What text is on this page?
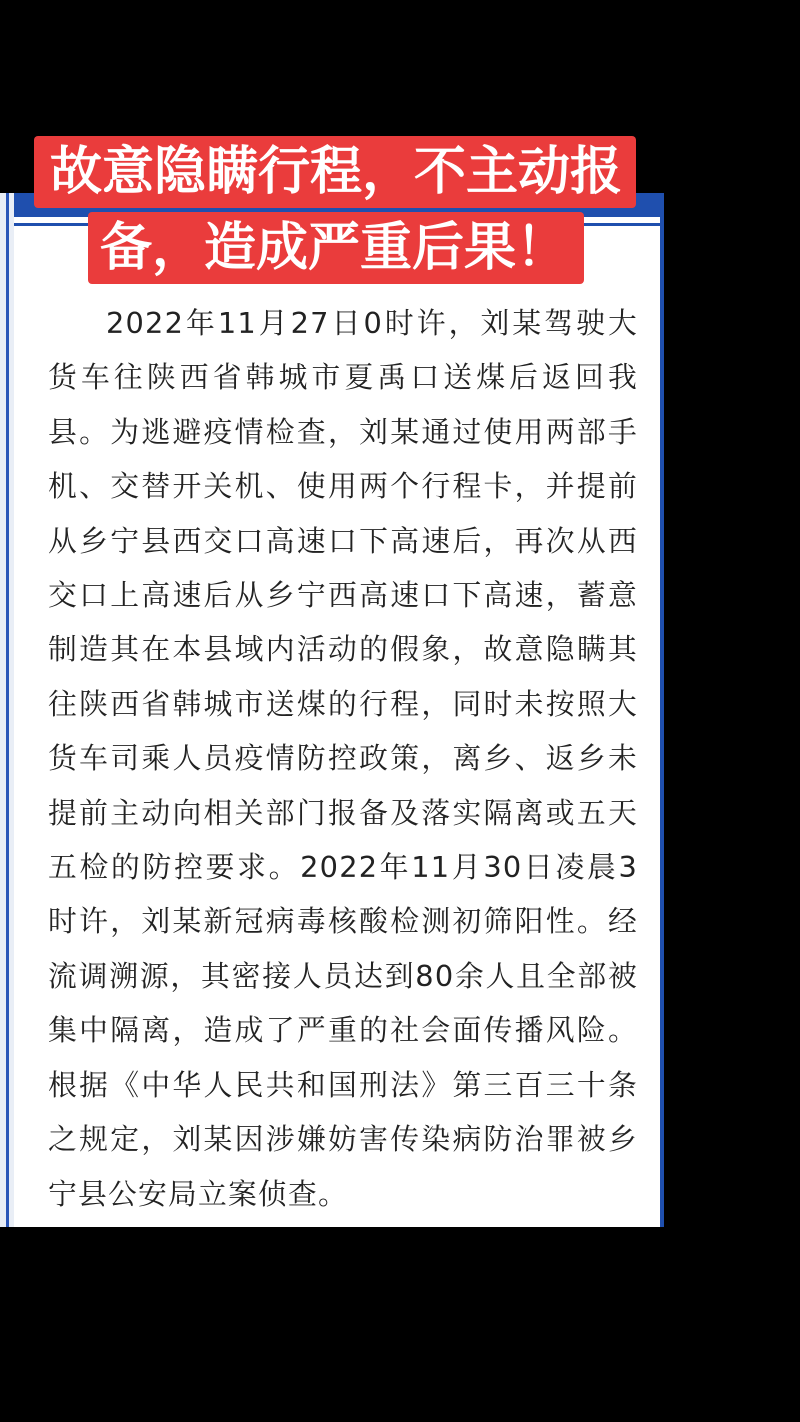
故意隐瞒行程，不主动报
备，造成严重后果！

2022年11月27日0时许，刘某驾驶大货车往陕西省韩城市夏禹口送煤后返回我县。为逃避疫情检查，刘某通过使用两部手机、交替开关机、使用两个行程卡，并提前从乡宁县西交口高速口下高速后，再次从西交口上高速后从乡宁西高速口下高速，蓄意制造其在本县域内活动的假象，故意隐瞒其往陕西省韩城市送煤的行程，同时未按照大货车司乘人员疫情防控政策，离乡、返乡未提前主动向相关部门报备及落实隔离或五天五检的防控要求。2022年11月30日凌晨3时许，刘某新冠病毒核酸检测初筛阳性。经流调溯源，其密接人员达到80余人且全部被集中隔离，造成了严重的社会面传播风险。根据《中华人民共和国刑法》第三百三十条之规定，刘某因涉嫌妨害传染病防治罪被乡宁县公安局立案侦查。
